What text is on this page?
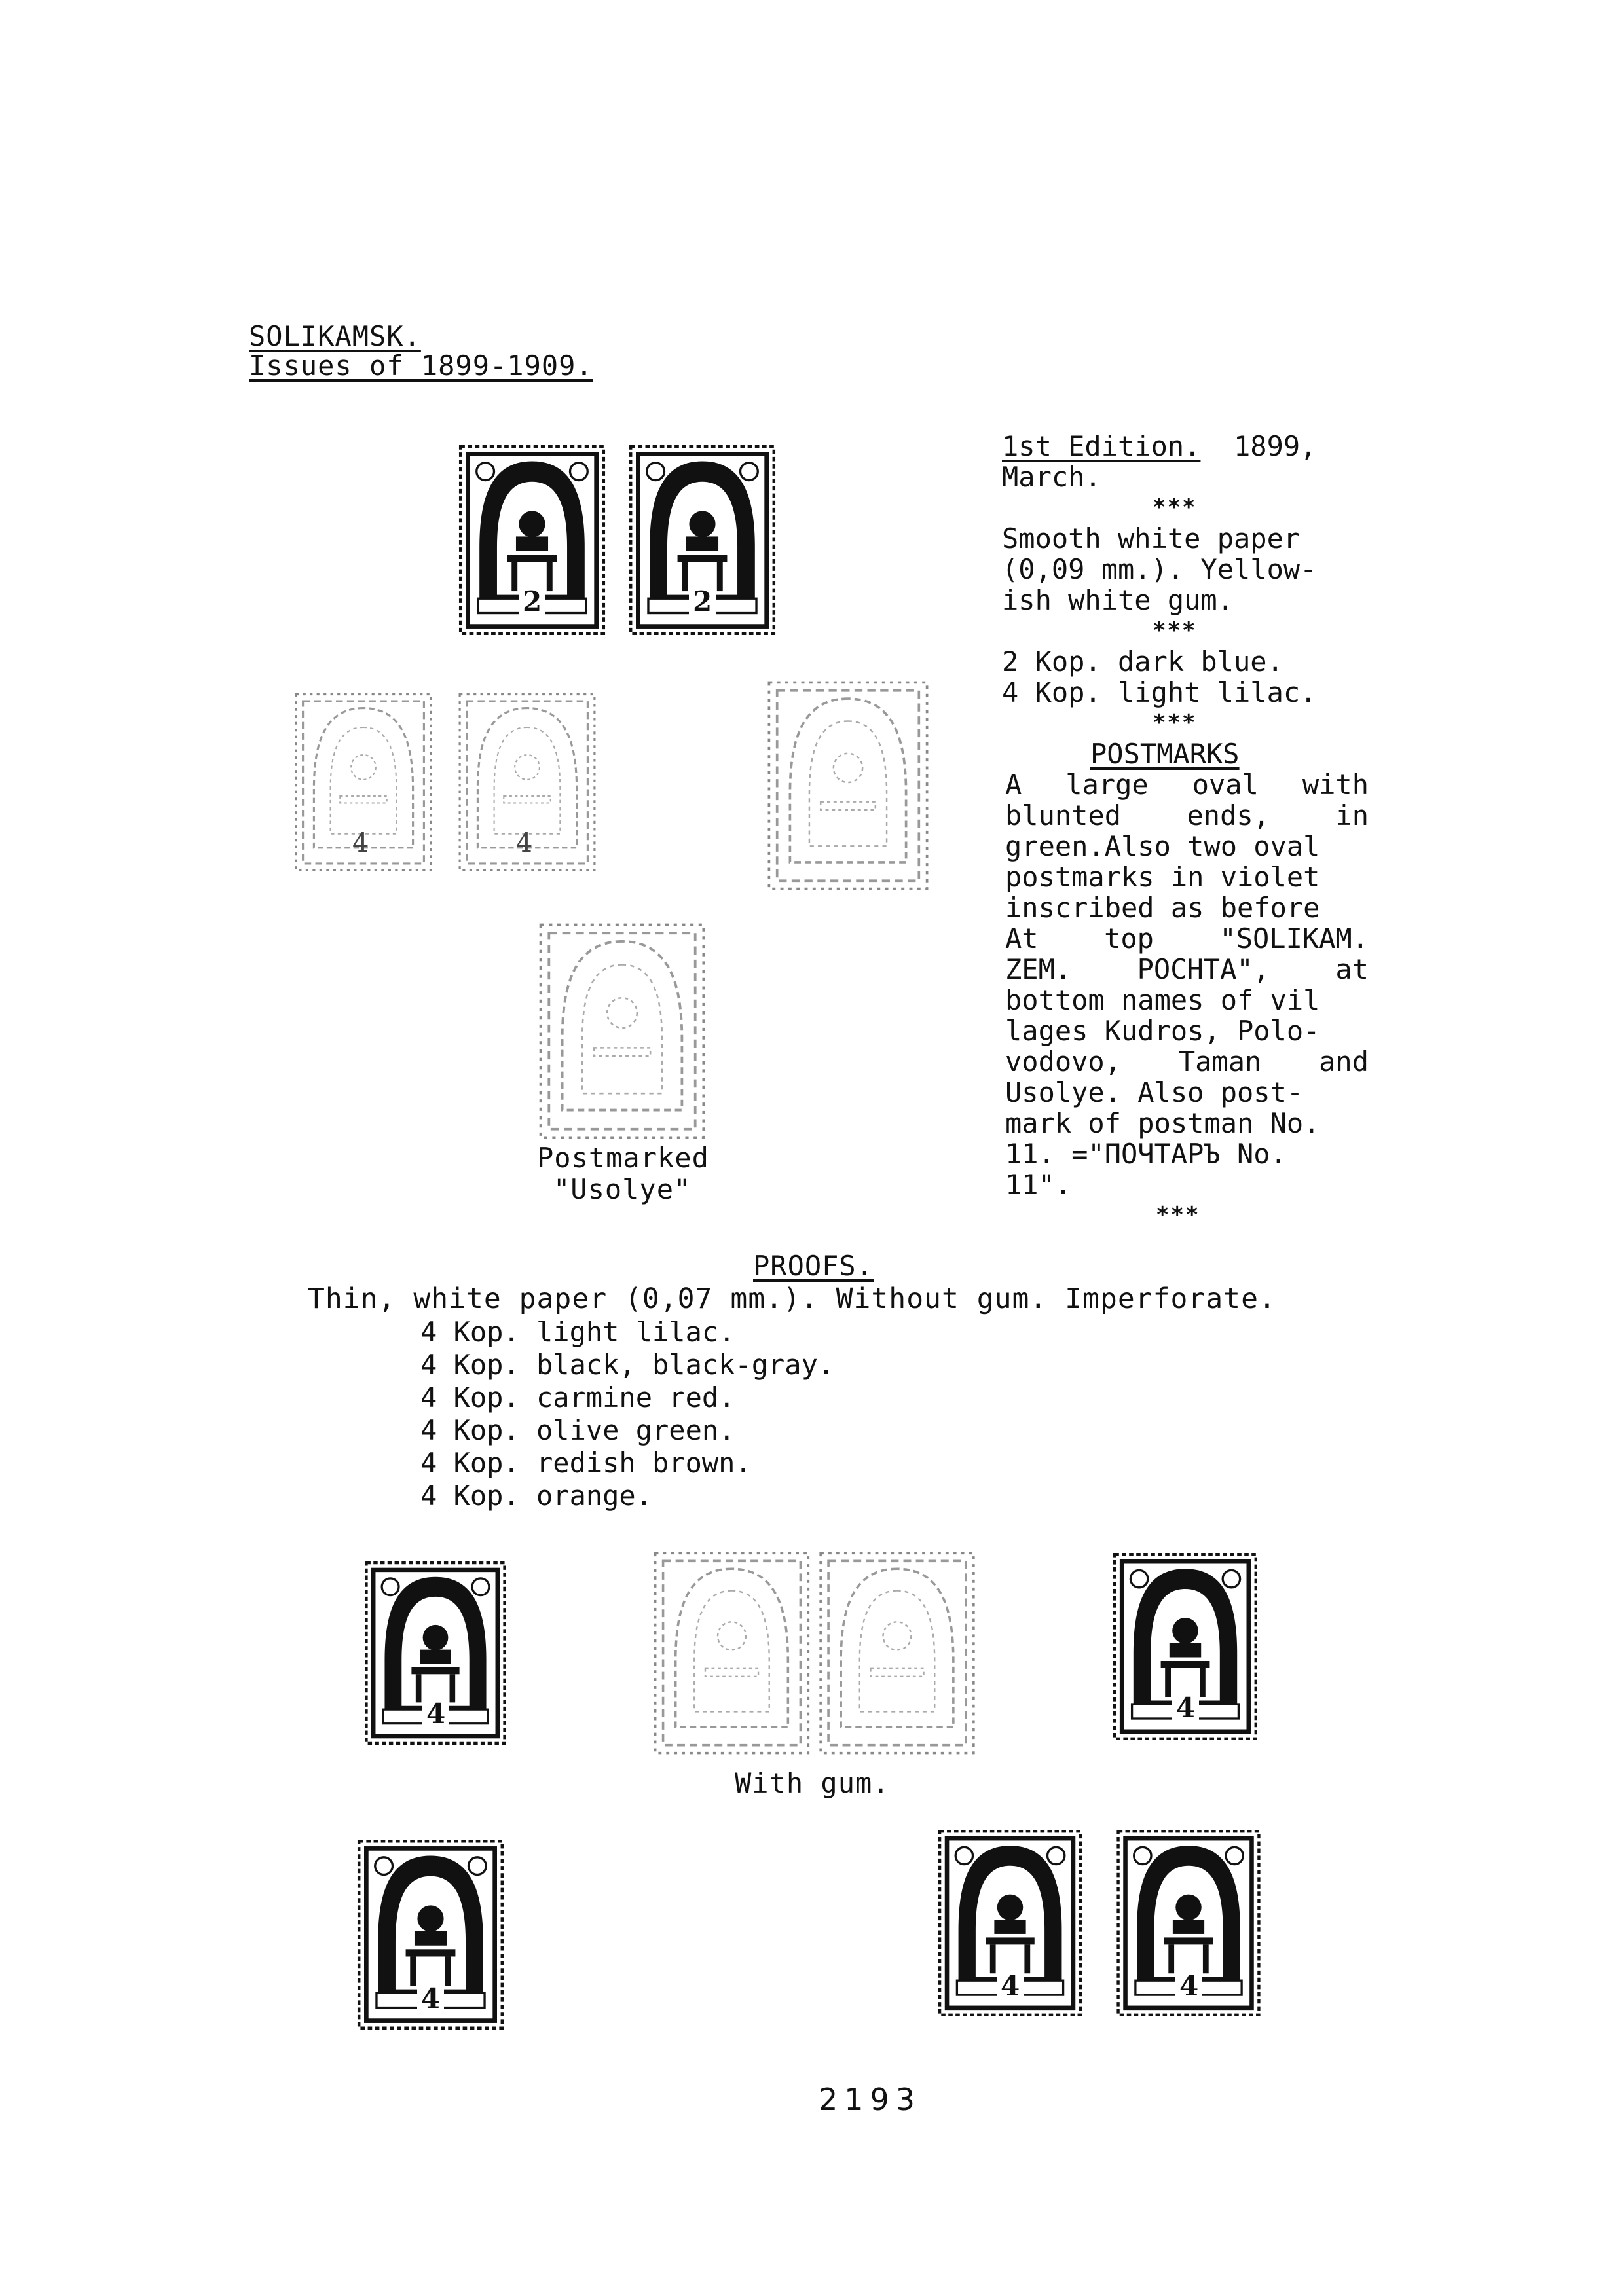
SOLIKAMSK.
Issues of 1899-1909.
2	2
4	4
Postmarked
"Usolye"
1st Edition. 1899,
March.
***
Smooth white paper
(0,09 mm.). Yellow-
ish white gum.
***
2 Kop. dark blue.
4 Kop. light lilac.
***
POSTMARKS
A large oval with
blunted ends, in
green.Also two oval
postmarks in violet
inscribed as before
At top "SOLIKAM.
ZEM. POCHTA", at
bottom names of vil
lages Kudros, Polo-
vodovo, Taman and
Usolye. Also post-
mark of postman No.
11. ="ПОЧТАРЪ No.
11".
***
PROOFS.
Thin, white paper (0,07 mm.). Without gum. Imperforate.
4 Kop. light lilac.
4 Kop. black, black-gray.
4 Kop. carmine red.
4 Kop. olive green.
4 Kop. redish brown.
4 Kop. orange.
4	4
With gum.
4	4	4
2193
